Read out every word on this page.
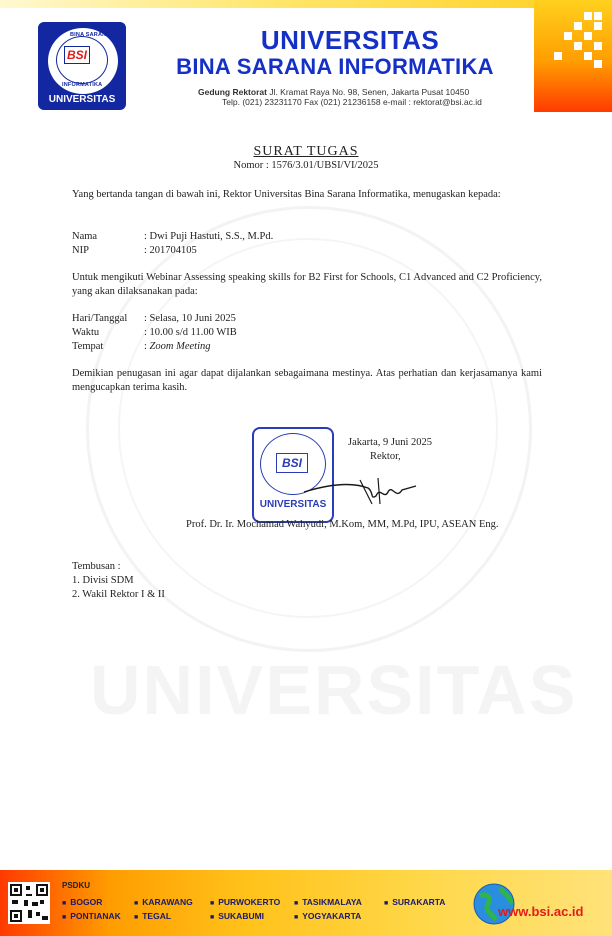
BINA SARANA
BSI
INFORMATIKA
UNIVERSITAS
UNIVERSITAS
BINA SARANA INFORMATIKA
Gedung Rektorat Jl. Kramat Raya No. 98, Senen, Jakarta Pusat 10450
Telp. (021) 23231170 Fax (021) 21236158 e-mail : rektorat@bsi.ac.id
UNIVERSITAS
SURAT TUGAS
Nomor : 1576/3.01/UBSI/VI/2025
Yang bertanda tangan di bawah ini, Rektor Universitas Bina Sarana Informatika, menugaskan kepada:
Nama	: Dwi Puji Hastuti, S.S., M.Pd.
NIP	: 201704105
Untuk mengikuti Webinar Assessing speaking skills for B2 First for Schools, C1 Advanced and C2 Proficiency, yang akan dilaksanakan pada:
Hari/Tanggal : Selasa, 10 Juni 2025
Waktu	: 10.00 s/d 11.00 WIB
Tempat	: Zoom Meeting
Demikian penugasan ini agar dapat dijalankan sebagaimana mestinya. Atas perhatian dan kerjasamanya kami mengucapkan terima kasih.
BSI
UNIVERSITAS
Jakarta, 9 Juni 2025
Rektor,
Prof. Dr. Ir. Mochamad Wahyudi, M.Kom, MM, M.Pd, IPU, ASEAN Eng.
Tembusan :
1. Divisi SDM
2. Wakil Rektor I & II
PSDKU
■ BOGOR	■ KARAWANG	■ PURWOKERTO	■ TASIKMALAYA	■ SURAKARTA
■ PONTIANAK	■ TEGAL	■ SUKABUMI	■ YOGYAKARTA	www.bsi.ac.id
